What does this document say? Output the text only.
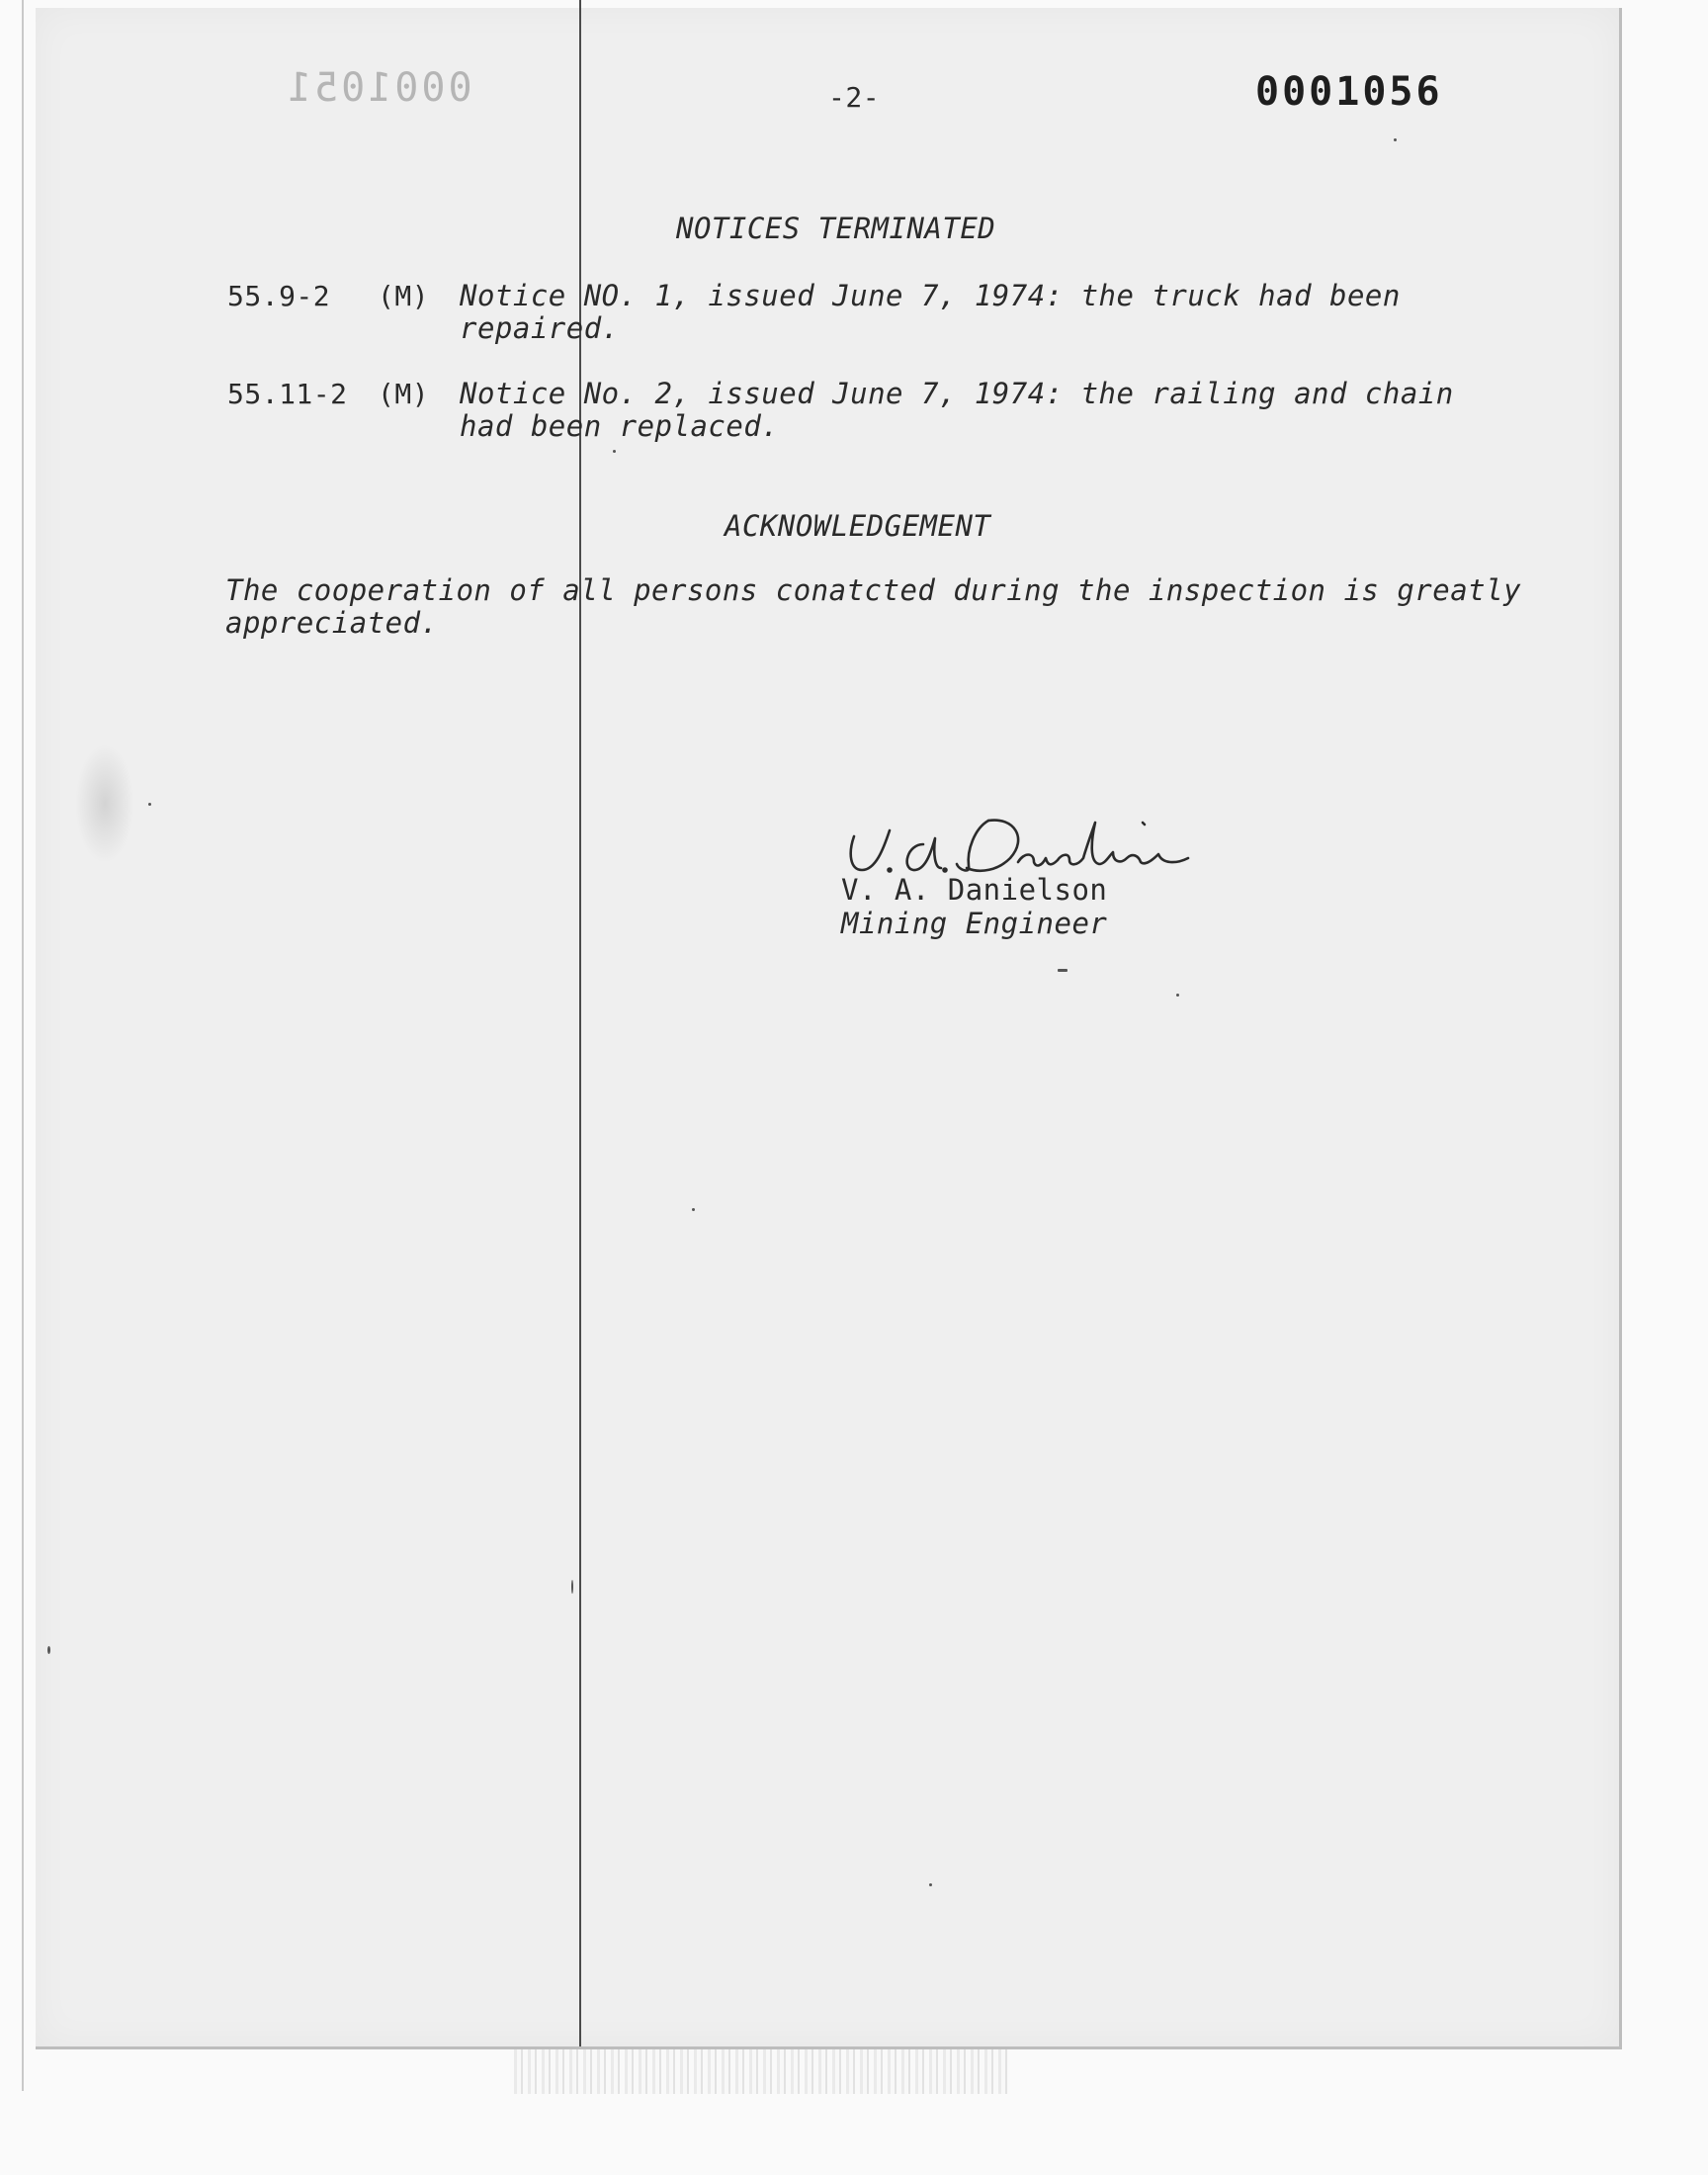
0001051	0001056
-2-
NOTICES TERMINATED
55.9-2 (M) Notice NO. 1, issued June 7, 1974: the truck had been
repaired.
55.11-2 (M) Notice No. 2, issued June 7, 1974: the railing and chain
had been replaced.
ACKNOWLEDGEMENT
The cooperation of all persons conatcted during the inspection is greatly
appreciated.
V. A. Danielson
Mining Engineer
